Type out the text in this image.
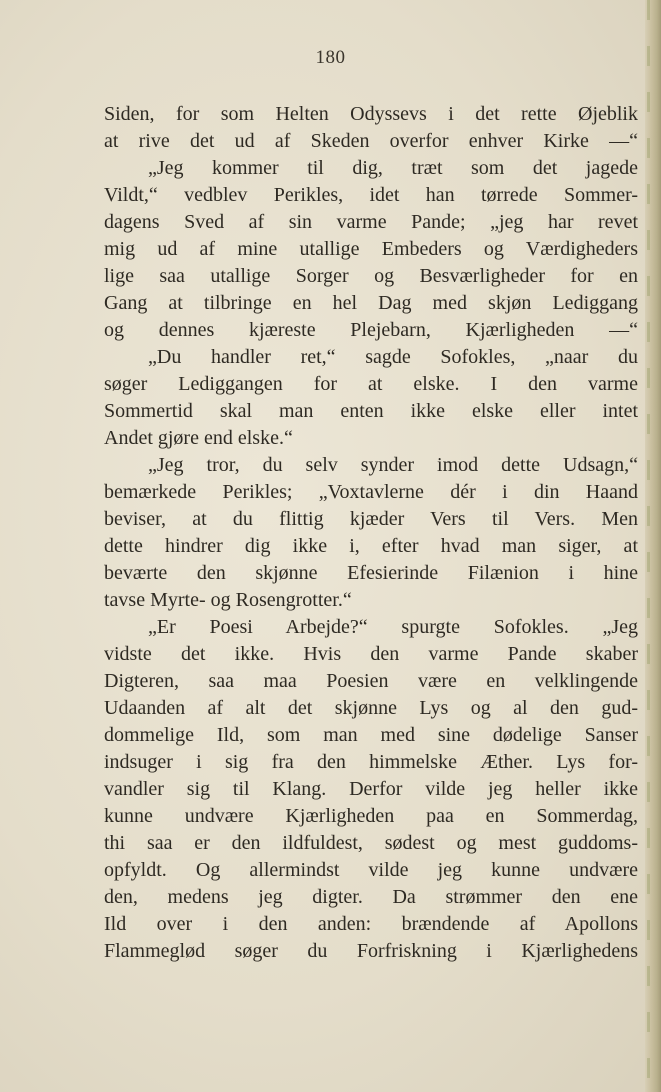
180
Siden, for som Helten Odyssevs i det rette Øjeblik
at rive det ud af Skeden overfor enhver Kirke —“
„Jeg kommer til dig, træt som det jagede
Vildt,“ vedblev Perikles, idet han tørrede Sommer-
dagens Sved af sin varme Pande; „jeg har revet
mig ud af mine utallige Embeders og Værdigheders
lige saa utallige Sorger og Besværligheder for en
Gang at tilbringe en hel Dag med skjøn Lediggang
og dennes kjæreste Plejebarn, Kjærligheden —“
„Du handler ret,“ sagde Sofokles, „naar du
søger Lediggangen for at elske. I den varme
Sommertid skal man enten ikke elske eller intet
Andet gjøre end elske.“
„Jeg tror, du selv synder imod dette Udsagn,“
bemærkede Perikles; „Voxtavlerne dér i din Haand
beviser, at du flittig kjæder Vers til Vers. Men
dette hindrer dig ikke i, efter hvad man siger, at
beværte den skjønne Efesierinde Filænion i hine
tavse Myrte- og Rosengrotter.“
„Er Poesi Arbejde?“ spurgte Sofokles. „Jeg
vidste det ikke. Hvis den varme Pande skaber
Digteren, saa maa Poesien være en velklingende
Udaanden af alt det skjønne Lys og al den gud-
dommelige Ild, som man med sine dødelige Sanser
indsuger i sig fra den himmelske Æther. Lys for-
vandler sig til Klang. Derfor vilde jeg heller ikke
kunne undvære Kjærligheden paa en Sommerdag,
thi saa er den ildfuldest, sødest og mest guddoms-
opfyldt. Og allermindst vilde jeg kunne undvære
den, medens jeg digter. Da strømmer den ene
Ild over i den anden: brændende af Apollons
Flammeglød søger du Forfriskning i Kjærlighedens
